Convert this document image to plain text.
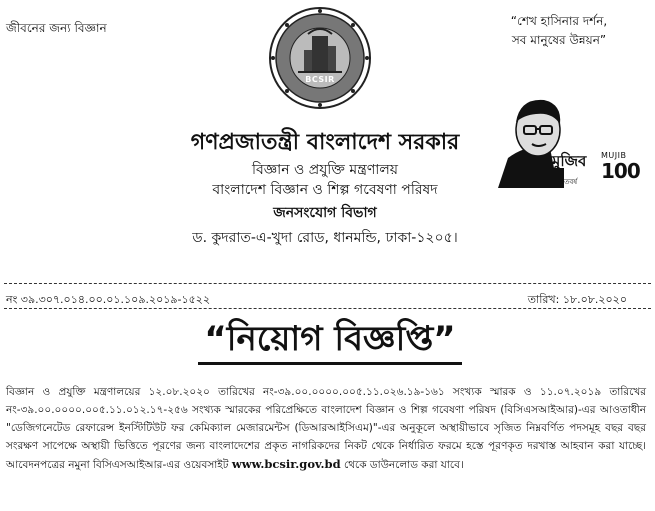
জীবনের জন্য বিজ্ঞান	“শেখ হাসিনার দর্শন,
সব মানুষের উন্নয়ন”
BCSIR
মুজিব
শতবর্ষ
MUJIB
100
গণপ্রজাতন্ত্রী বাংলাদেশ সরকার
বিজ্ঞান ও প্রযুক্তি মন্ত্রণালয়
বাংলাদেশ বিজ্ঞান ও শিল্প গবেষণা পরিষদ
জনসংযোগ বিভাগ
ড. কুদরাত-এ-খুদা রোড, ধানমন্ডি, ঢাকা-১২০৫।
নং ৩৯.৩০৭.০১৪.০০.০১.১০৯.২০১৯-১৫২২	তারিখ: ১৮.০৮.২০২০
“নিয়োগ বিজ্ঞপ্তি”
বিজ্ঞান ও প্রযুক্তি মন্ত্রণালয়ের ১২.০৮.২০২০ তারিখের নং-৩৯.০০.০০০০.০০৫.১১.০২৬.১৯-১৬১ সংখ্যক স্মারক ও ১১.০৭.২০১৯ তারিখের নং-৩৯.০০.০০০০.০০৫.১১.০১২.১৭-২৫৬ সংখ্যক স্মারকের পরিপ্রেক্ষিতে বাংলাদেশ বিজ্ঞান ও শিল্প গবেষণা পরিষদ (বিসিএসআইআর)-এর আওতাধীন "ডেজিগনেটেড রেফারেন্স ইনস্টিটিউট ফর কেমিক্যাল মেজারমেন্টস (ডিআরআইসিএম)"-এর অনুকূলে অস্থায়ীভাবে সৃজিত নিম্নবর্ণিত পদসমূহ বছর বছর সংরক্ষণ সাপেক্ষে অস্থায়ী ভিত্তিতে পূরণের জন্য বাংলাদেশের প্রকৃত নাগরিকদের নিকট থেকে নির্ধারিত ফরমে হস্তে পূরণকৃত দরখাস্ত আহবান করা যাচ্ছে। আবেদনপত্রের নমুনা বিসিএসআইআর-এর ওয়েবসাইট www.bcsir.gov.bd থেকে ডাউনলোড করা যাবে।
